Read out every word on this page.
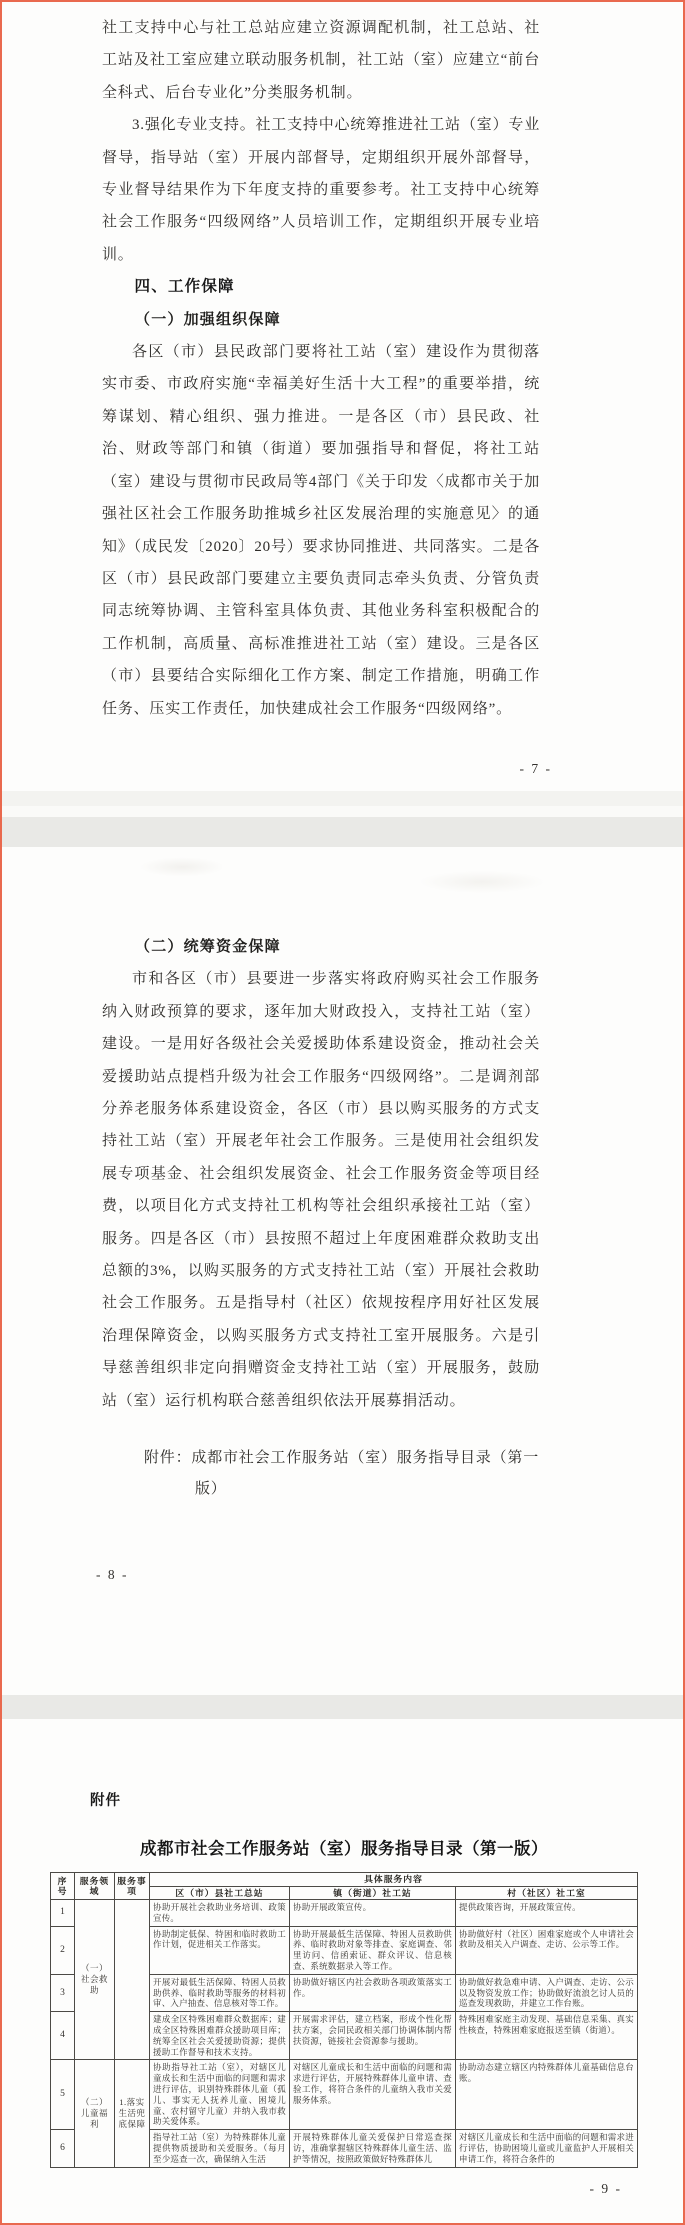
社工支持中心与社工总站应建立资源调配机制，社工总站、社工站及社工室应建立联动服务机制，社工站（室）应建立“前台全科式、后台专业化”分类服务机制。

3.强化专业支持。社工支持中心统筹推进社工站（室）专业督导，指导站（室）开展内部督导，定期组织开展外部督导，专业督导结果作为下年度支持的重要参考。社工支持中心统筹社会工作服务“四级网络”人员培训工作，定期组织开展专业培训。

四、工作保障
（一）加强组织保障

各区（市）县民政部门要将社工站（室）建设作为贯彻落实市委、市政府实施“幸福美好生活十大工程”的重要举措，统筹谋划、精心组织、强力推进。一是各区（市）县民政、社治、财政等部门和镇（街道）要加强指导和督促，将社工站（室）建设与贯彻市民政局等4部门《关于印发〈成都市关于加强社区社会工作服务助推城乡社区发展治理的实施意见〉的通知》（成民发〔2020〕20号）要求协同推进、共同落实。二是各区（市）县民政部门要建立主要负责同志牵头负责、分管负责同志统筹协调、主管科室具体负责、其他业务科室积极配合的工作机制，高质量、高标准推进社工站（室）建设。三是各区（市）县要结合实际细化工作方案、制定工作措施，明确工作任务、压实工作责任，加快建成社会工作服务“四级网络”。

- 7 -
（二）统筹资金保障

市和各区（市）县要进一步落实将政府购买社会工作服务纳入财政预算的要求，逐年加大财政投入，支持社工站（室）建设。一是用好各级社会关爱援助体系建设资金，推动社会关爱援助站点提档升级为社会工作服务“四级网络”。二是调剂部分养老服务体系建设资金，各区（市）县以购买服务的方式支持社工站（室）开展老年社会工作服务。三是使用社会组织发展专项基金、社会组织发展资金、社会工作服务资金等项目经费，以项目化方式支持社工机构等社会组织承接社工站（室）服务。四是各区（市）县按照不超过上年度困难群众救助支出总额的3%，以购买服务的方式支持社工站（室）开展社会救助社会工作服务。五是指导村（社区）依规按程序用好社区发展治理保障资金，以购买服务方式支持社工室开展服务。六是引导慈善组织非定向捐赠资金支持社工站（室）开展服务，鼓励站（室）运行机构联合慈善组织依法开展募捐活动。

附件：成都市社会工作服务站（室）服务指导目录（第一版）
- 8 -
附件
成都市社会工作服务站（室）服务指导目录（第一版）
序号	服务领域	服务事项	具体服务内容		
			区（市）县社工总站	镇（街道）社工站	村（社区）社工室
1	（一）社会救助		协助开展社会救助业务培训、政策宣传。	协助开展政策宣传。	提供政策咨询，开展政策宣传。
2			协助制定低保、特困和临时救助工作计划，促进相关工作落实。	协助开展最低生活保障、特困人员救助供养、临时救助对象等排查、家庭调查、邻里访问、信函索证、群众评议、信息核查、系统数据录入等工作。	协助做好村（社区）困难家庭或个人申请社会救助及相关入户调查、走访、公示等工作。
3			开展对最低生活保障、特困人员救助供养、临时救助等服务的材料初审、入户抽查、信息核对等工作。	协助做好辖区内社会救助各项政策落实工作。	协助做好救急难申请、入户调查、走访、公示以及物资发放工作；协助做好流浪乞讨人员的巡查发现救助，并建立工作台账。
4			建成全区特殊困难群众数据库；建成全区特殊困难群众援助项目库；统筹全区社会关爱援助资源；提供援助工作督导和技术支持。	开展需求评估，建立档案，形成个性化帮扶方案，会同民政相关部门协调体制内帮扶资源，链接社会资源参与援助。	特殊困难家庭主动发现、基础信息采集、真实性核查，特殊困难家庭报送至镇（街道）。
5	（二）儿童福利	1.落实生活兜底保障	协助指导社工站（室），对辖区儿童成长和生活中面临的问题和需求进行评估，识别特殊群体儿童（孤儿、事实无人抚养儿童、困境儿童、农村留守儿童）并纳入我市救助关爱体系。	对辖区儿童成长和生活中面临的问题和需求进行评估，开展特殊群体儿童申请、查验工作，将符合条件的儿童纳入我市关爱服务体系。	协助动态建立辖区内特殊群体儿童基础信息台账。
6			指导社工站（室）为特殊群体儿童提供物质援助和关爱服务。（每月至少巡查一次，确保纳入生活	开展特殊群体儿童关爱保护日常巡查探访，准确掌握辖区特殊群体儿童生活、监护等情况，按照政策做好特殊群体儿	对辖区儿童成长和生活中面临的问题和需求进行评估，协助困境儿童或儿童监护人开展相关申请工作，将符合条件的
- 9 -
